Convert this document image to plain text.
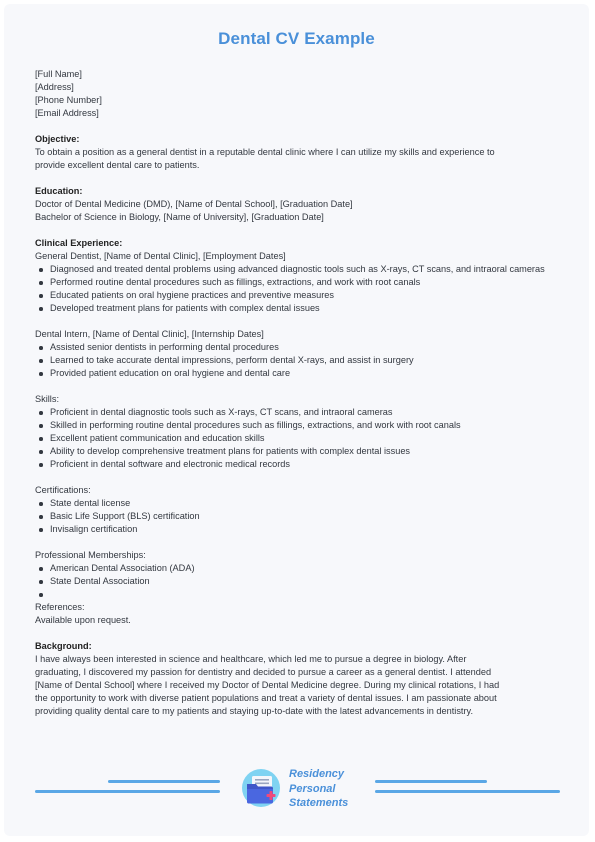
Dental CV Example

[Full Name]

[Address]

[Phone Number]

[Email Address]

Objective:

To obtain a position as a general dentist in a reputable dental clinic where I can utilize my skills and experience to

provide excellent dental care to patients.

Education:

Doctor of Dental Medicine (DMD), [Name of Dental School], [Graduation Date]

Bachelor of Science in Biology, [Name of University], [Graduation Date]

Clinical Experience:

General Dentist, [Name of Dental Clinic], [Employment Dates]

Diagnosed and treated dental problems using advanced diagnostic tools such as X-rays, CT scans, and intraoral cameras
Performed routine dental procedures such as fillings, extractions, and work with root canals
Educated patients on oral hygiene practices and preventive measures
Developed treatment plans for patients with complex dental issues

Dental Intern, [Name of Dental Clinic], [Internship Dates]

Assisted senior dentists in performing dental procedures
Learned to take accurate dental impressions, perform dental X-rays, and assist in surgery
Provided patient education on oral hygiene and dental care

Skills:

Proficient in dental diagnostic tools such as X-rays, CT scans, and intraoral cameras
Skilled in performing routine dental procedures such as fillings, extractions, and work with root canals
Excellent patient communication and education skills
Ability to develop comprehensive treatment plans for patients with complex dental issues
Proficient in dental software and electronic medical records

Certifications:

State dental license
Basic Life Support (BLS) certification
Invisalign certification

Professional Memberships:

American Dental Association (ADA)
State Dental Association

References:

Available upon request.

Background:

I have always been interested in science and healthcare, which led me to pursue a degree in biology. After

graduating, I discovered my passion for dentistry and decided to pursue a career as a general dentist. I attended

[Name of Dental School] where I received my Doctor of Dental Medicine degree. During my clinical rotations, I had

the opportunity to work with diverse patient populations and treat a variety of dental issues. I am passionate about

providing quality dental care to my patients and staying up-to-date with the latest advancements in dentistry.

Residency
Personal
Statements
